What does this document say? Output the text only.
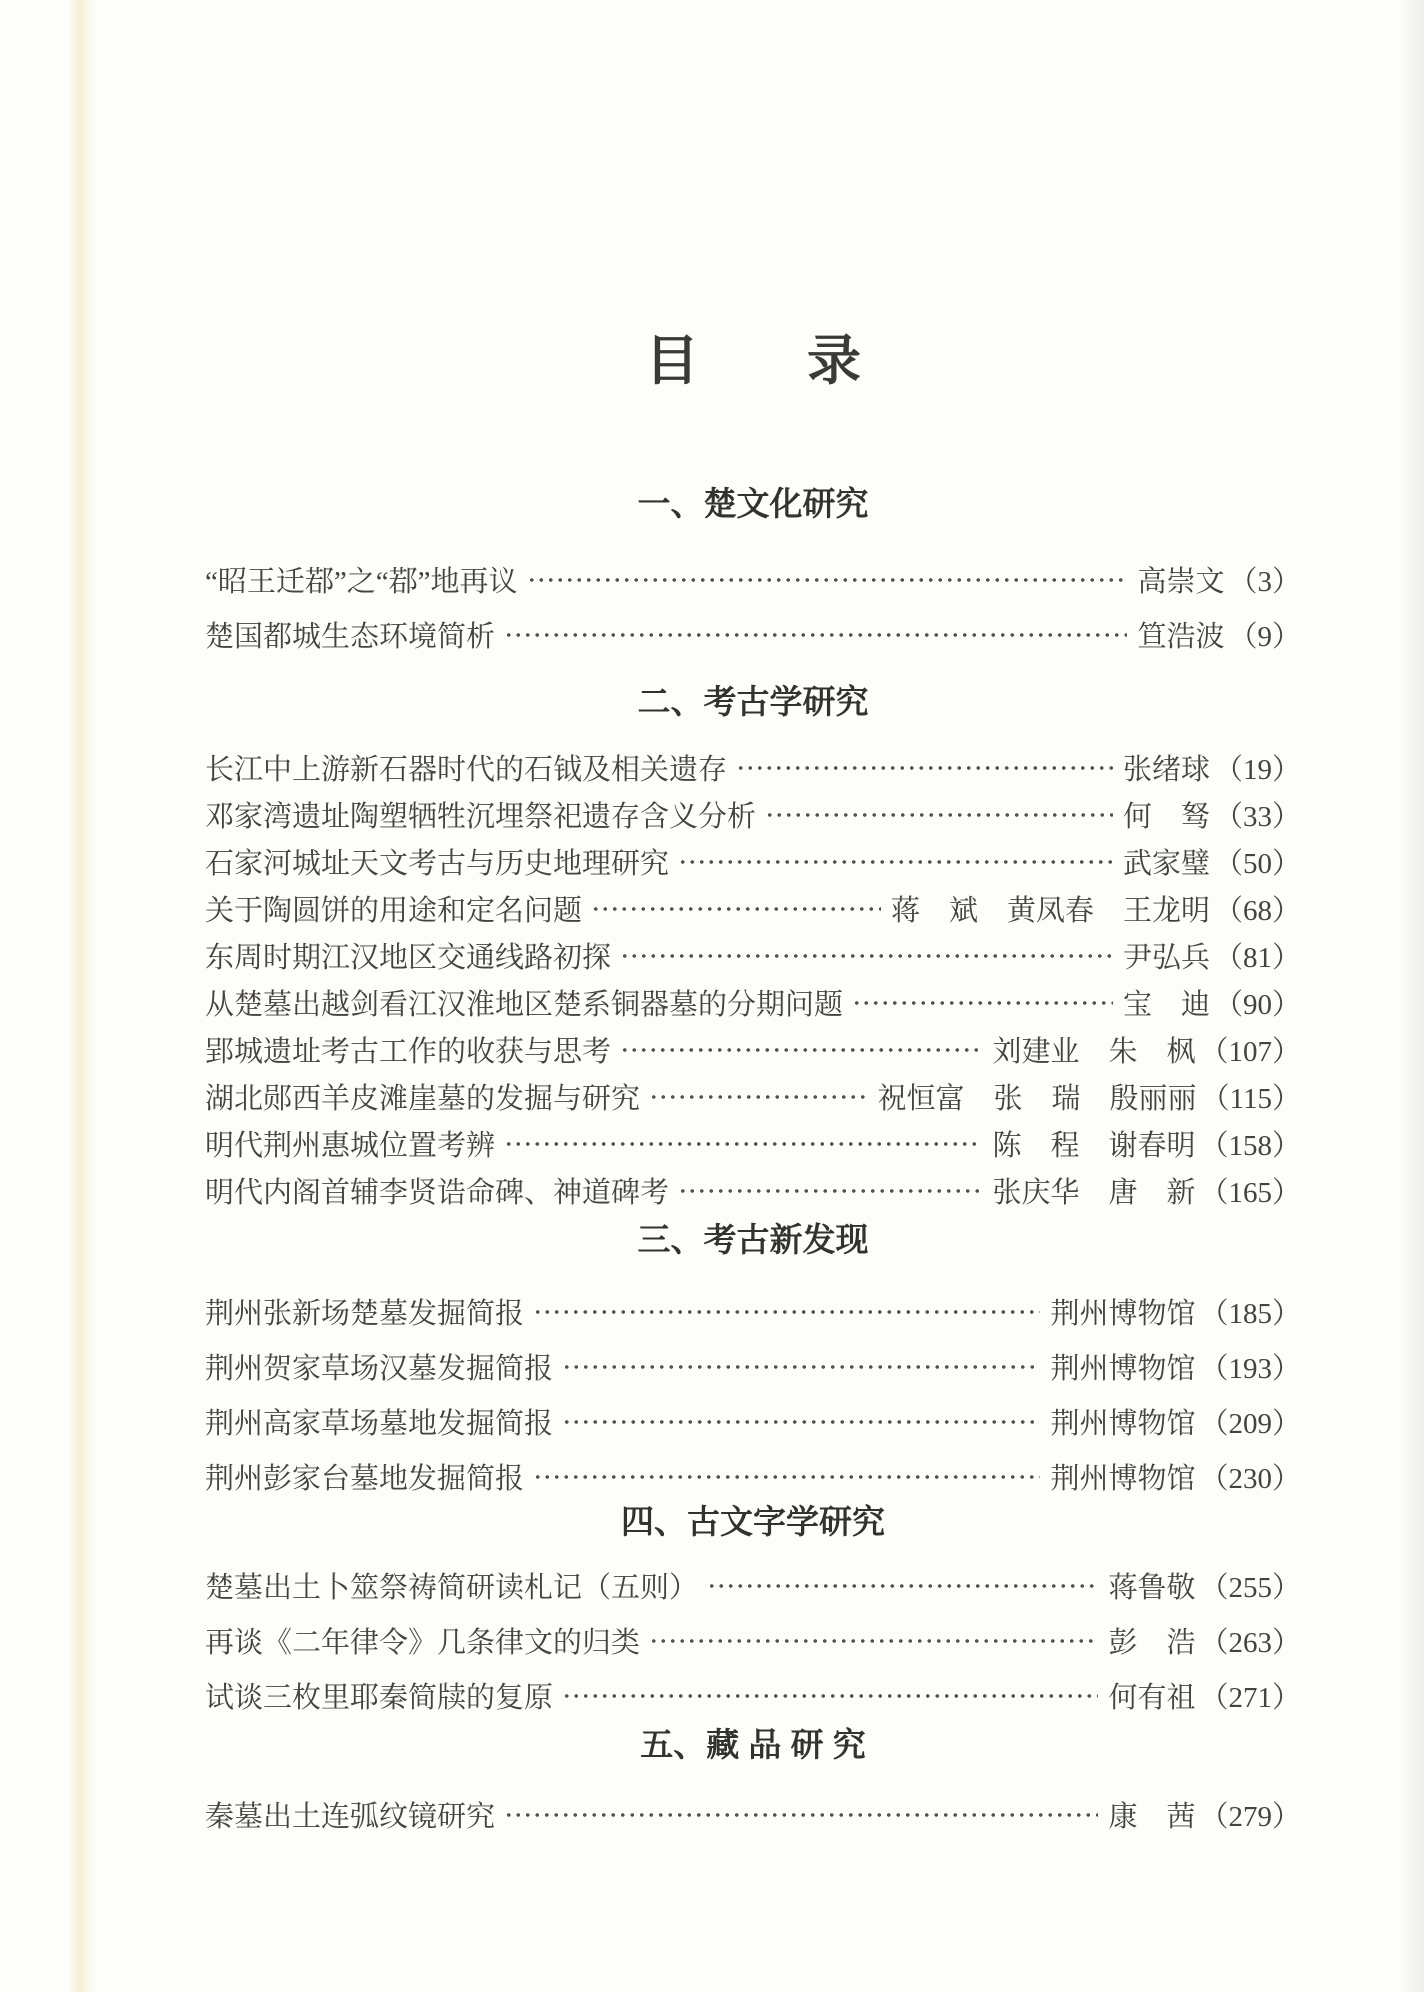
目　　录
一、楚文化研究
“昭王迁鄀”之“鄀”地再议	高崇文 （3）
楚国都城生态环境简析	笪浩波 （9）
二、考古学研究
长江中上游新石器时代的石钺及相关遗存	张绪球 （19）
邓家湾遗址陶塑牺牲沉埋祭祀遗存含义分析	何　驽 （33）
石家河城址天文考古与历史地理研究	武家璧 （50）
关于陶圆饼的用途和定名问题	蒋　斌　黄凤春　王龙明 （68）
东周时期江汉地区交通线路初探	尹弘兵 （81）
从楚墓出越剑看江汉淮地区楚系铜器墓的分期问题	宝　迪 （90）
郢城遗址考古工作的收获与思考	刘建业　朱　枫 （107）
湖北郧西羊皮滩崖墓的发掘与研究	祝恒富　张　瑞　殷丽丽 （115）
明代荆州惠城位置考辨	陈　程　谢春明 （158）
明代内阁首辅李贤诰命碑、神道碑考	张庆华　唐　新 （165）
三、考古新发现
荆州张新场楚墓发掘简报	荆州博物馆 （185）
荆州贺家草场汉墓发掘简报	荆州博物馆 （193）
荆州高家草场墓地发掘简报	荆州博物馆 （209）
荆州彭家台墓地发掘简报	荆州博物馆 （230）
四、古文字学研究
楚墓出土卜筮祭祷简研读札记（五则）	蒋鲁敬 （255）
再谈《二年律令》几条律文的归类	彭　浩 （263）
试谈三枚里耶秦简牍的复原	何有祖 （271）
五、藏 品 研 究
秦墓出土连弧纹镜研究	康　茜 （279）
